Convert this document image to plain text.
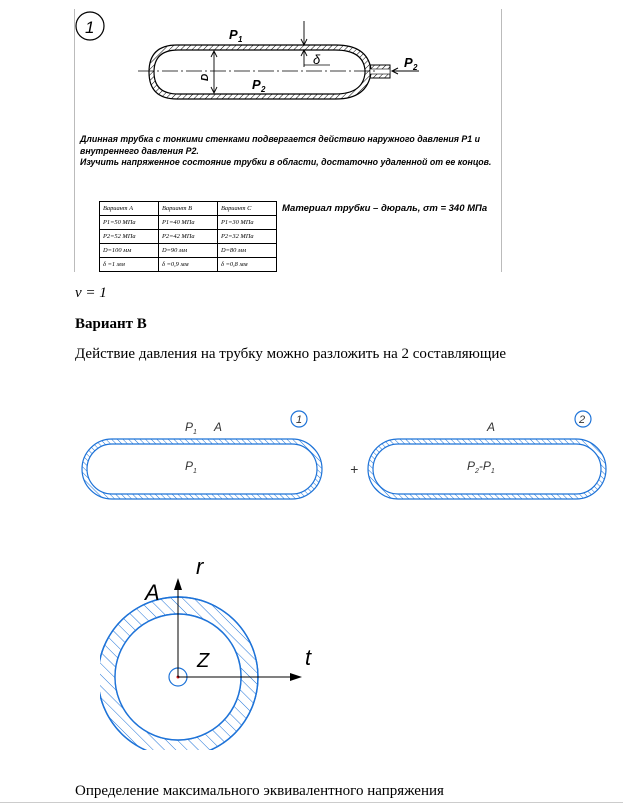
1
D
δ
P 1
P 2
P 2
Длинная трубка с тонкими стенками подвергается действию наружного давления P1 и
внутреннего давления P2.
Изучить напряженное состояние трубки в области, достаточно удаленной от ее концов.
Вариант A	Вариант B	Вариант C
P1=50 МПа	P1=40 МПа	P1=30 МПа
P2=52 МПа	P2=42 МПа	P2=32 МПа
D=100 мм	D=90 мм	D=80 мм
δ =1 мм	δ =0,9 мм	δ =0,8 мм
Материал трубки – дюраль, σт = 340 МПа
ν = 1
Вариант В
Действие давления на трубку можно разложить на 2 составляющие
P 1 A
P 1
1
+
A
$P_2-P_1$
2
A
r
Z	t
Определение максимального эквивалентного напряжения
